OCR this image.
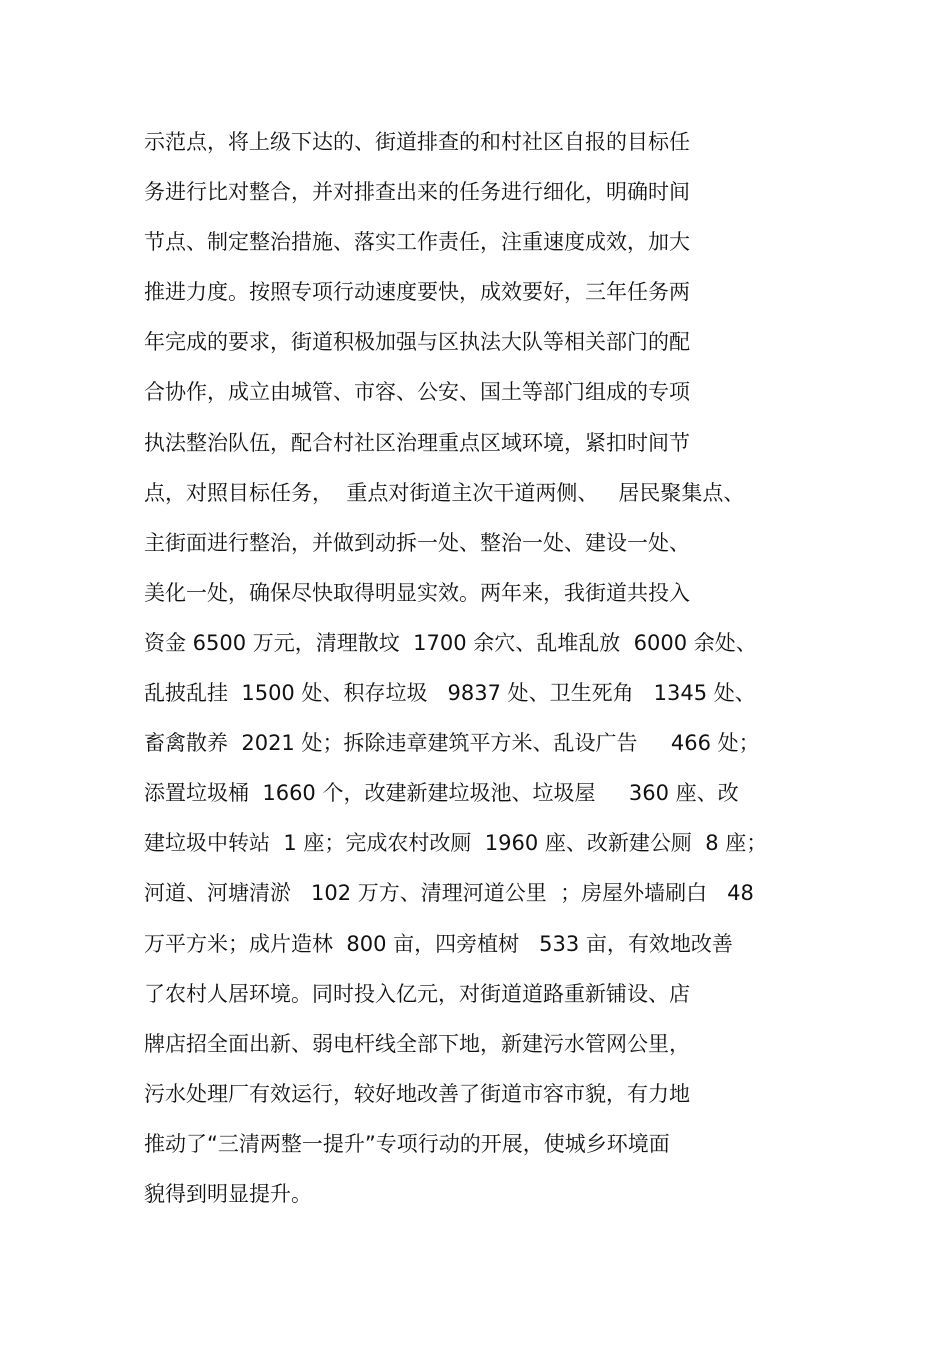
示范点，将上级下达的、街道排查的和村社区自报的目标任
务进行比对整合，并对排查出来的任务进行细化，明确时间
节点、制定整治措施、落实工作责任，注重速度成效，加大
推进力度。按照专项行动速度要快，成效要好，三年任务两
年完成的要求，街道积极加强与区执法大队等相关部门的配
合协作，成立由城管、市容、公安、国土等部门组成的专项
执法整治队伍，配合村社区治理重点区域环境，紧扣时间节
点，对照目标任务，  重点对街道主次干道两侧、   居民聚集点、
主街面进行整治，并做到动拆一处、整治一处、建设一处、
美化一处，确保尽快取得明显实效。两年来，我街道共投入
资金 6500 万元，清理散坟  1700 余穴、乱堆乱放  6000 余处、
乱披乱挂  1500 处、积存垃圾   9837 处、卫生死角   1345 处、
畜禽散养  2021 处；拆除违章建筑平方米、乱设广告     466 处；
添置垃圾桶  1660 个，改建新建垃圾池、垃圾屋     360 座、改
建垃圾中转站  1 座；完成农村改厕  1960 座、改新建公厕  8 座；
河道、河塘清淤   102 万方、清理河道公里  ；房屋外墙刷白   48
万平方米；成片造林  800 亩，四旁植树   533 亩，有效地改善
了农村人居环境。同时投入亿元，对街道道路重新铺设、店
牌店招全面出新、弱电杆线全部下地，新建污水管网公里，
污水处理厂有效运行，较好地改善了街道市容市貌，有力地
推动了“三清两整一提升”专项行动的开展，使城乡环境面
貌得到明显提升。
